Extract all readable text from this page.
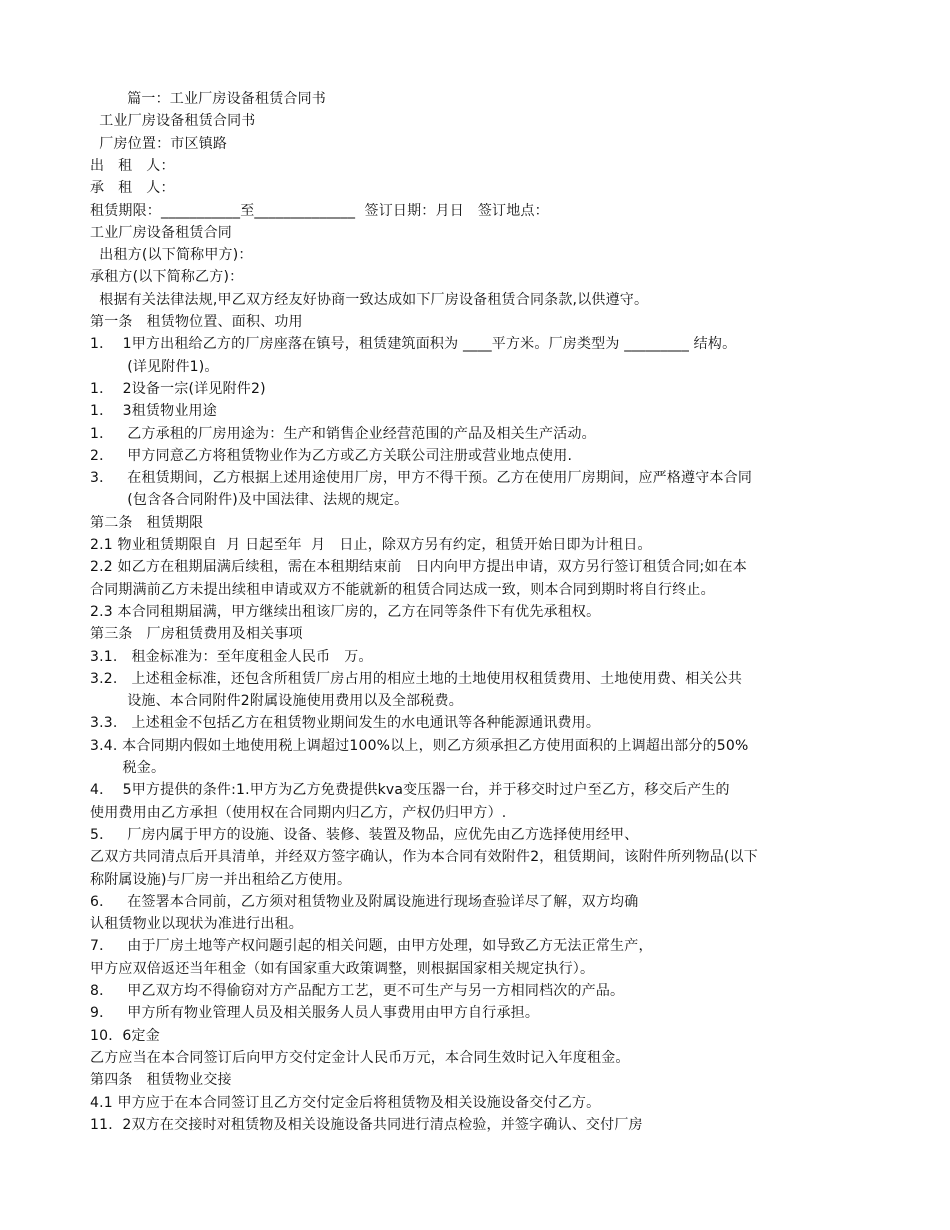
篇一：工业厂房设备租赁合同书
工业厂房设备租赁合同书
厂房位置：市区镇路
出   租   人：
承   租   人：
租赁期限：___________至______________  签订日期：月日   签订地点：
工业厂房设备租赁合同
出租方(以下简称甲方)：
承租方(以下简称乙方)：
根据有关法律法规,甲乙双方经友好协商一致达成如下厂房设备租赁合同条款,以供遵守。
第一条   租赁物位置、面积、功用
1．  1甲方出租给乙方的厂房座落在镇号，租赁建筑面积为 ____平方米。厂房类型为 _________ 结构。
(详见附件1)。
1．  2设备一宗(详见附件2)
1．  3租赁物业用途
1．   乙方承租的厂房用途为：生产和销售企业经营范围的产品及相关生产活动。
2．   甲方同意乙方将租赁物业作为乙方或乙方关联公司注册或营业地点使用.
3．   在租赁期间，乙方根据上述用途使用厂房，甲方不得干预。乙方在使用厂房期间，应严格遵守本合同
(包含各合同附件)及中国法律、法规的规定。
第二条   租赁期限
2.1 物业租赁期限自  月 日起至年  月   日止，除双方另有约定，租赁开始日即为计租日。
2.2 如乙方在租期届满后续租，需在本租期结束前   日内向甲方提出申请，双方另行签订租赁合同;如在本
合同期满前乙方未提出续租申请或双方不能就新的租赁合同达成一致，则本合同到期时将自行终止。
2.3 本合同租期届满，甲方继续出租该厂房的，乙方在同等条件下有优先承租权。
第三条   厂房租赁费用及相关事项
3.1.   租金标准为：至年度租金人民币   万。
3.2.   上述租金标准，还包含所租赁厂房占用的相应土地的土地使用权租赁费用、土地使用费、相关公共
设施、本合同附件2附属设施使用费用以及全部税费。
3.3.   上述租金不包括乙方在租赁物业期间发生的水电通讯等各种能源通讯费用。
3.4. 本合同期内假如土地使用税上调超过100%以上，则乙方须承担乙方使用面积的上调超出部分的50%
税金。
4．  5甲方提供的条件:1.甲方为乙方免费提供kva变压器一台，并于移交时过户至乙方，移交后产生的
使用费用由乙方承担（使用权在合同期内归乙方，产权仍归甲方）.
5．   厂房内属于甲方的设施、设备、装修、装置及物品，应优先由乙方选择使用经甲、
乙双方共同清点后开具清单，并经双方签字确认，作为本合同有效附件2，租赁期间，该附件所列物品(以下
称附属设施)与厂房一并出租给乙方使用。
6．   在签署本合同前，乙方须对租赁物业及附属设施进行现场查验详尽了解，双方均确
认租赁物业以现状为准进行出租。
7．   由于厂房土地等产权问题引起的相关问题，由甲方处理，如导致乙方无法正常生产，
甲方应双倍返还当年租金（如有国家重大政策调整，则根据国家相关规定执行）。
8．   甲乙双方均不得偷窃对方产品配方工艺，更不可生产与另一方相同档次的产品。
9．   甲方所有物业管理人员及相关服务人员人事费用由甲方自行承担。
10．6定金
乙方应当在本合同签订后向甲方交付定金计人民币万元，本合同生效时记入年度租金。
第四条   租赁物业交接
4.1 甲方应于在本合同签订且乙方交付定金后将租赁物及相关设施设备交付乙方。
11．2双方在交接时对租赁物及相关设施设备共同进行清点检验，并签字确认、交付厂房
